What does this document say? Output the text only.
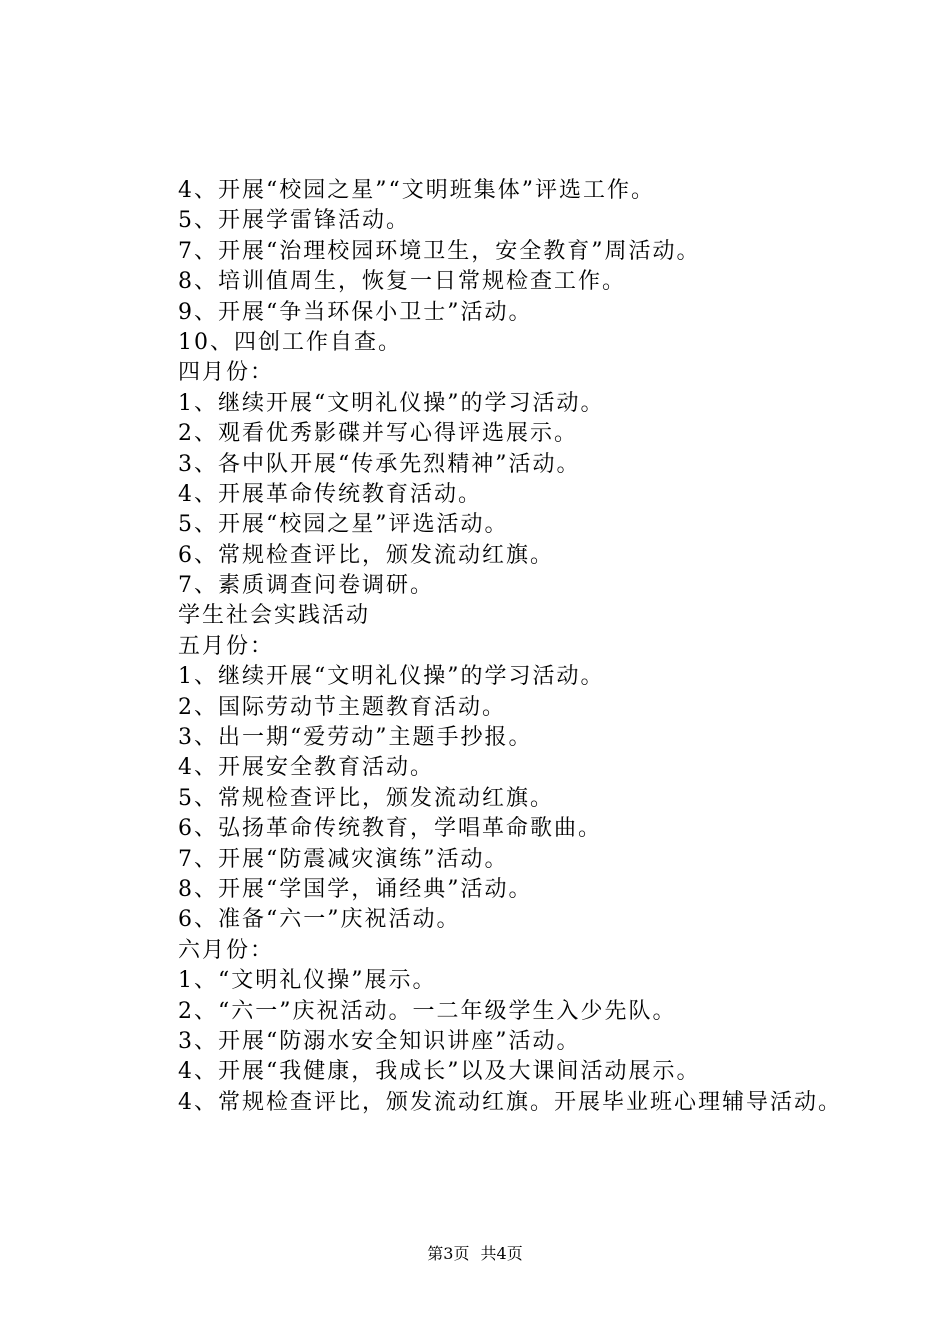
4、开展“校园之星”“文明班集体”评选工作。
5、开展学雷锋活动。
7、开展“治理校园环境卫生，安全教育”周活动。
8、培训值周生，恢复一日常规检查工作。
9、开展“争当环保小卫士”活动。
10、四创工作自查。
四月份：
1、继续开展“文明礼仪操”的学习活动。
2、观看优秀影碟并写心得评选展示。
3、各中队开展“传承先烈精神”活动。
4、开展革命传统教育活动。
5、开展“校园之星”评选活动。
6、常规检查评比，颁发流动红旗。
7、素质调查问卷调研。
学生社会实践活动
五月份：
1、继续开展“文明礼仪操”的学习活动。
2、国际劳动节主题教育活动。
3、出一期“爱劳动”主题手抄报。
4、开展安全教育活动。
5、常规检查评比，颁发流动红旗。
6、弘扬革命传统教育，学唱革命歌曲。
7、开展“防震减灾演练”活动。
8、开展“学国学，诵经典”活动。
6、准备“六一”庆祝活动。
六月份：
1、“文明礼仪操”展示。
2、“六一”庆祝活动。一二年级学生入少先队。
3、开展“防溺水安全知识讲座”活动。
4、开展“我健康，我成长”以及大课间活动展示。
4、常规检查评比，颁发流动红旗。开展毕业班心理辅导活动。
第3页 共4页
